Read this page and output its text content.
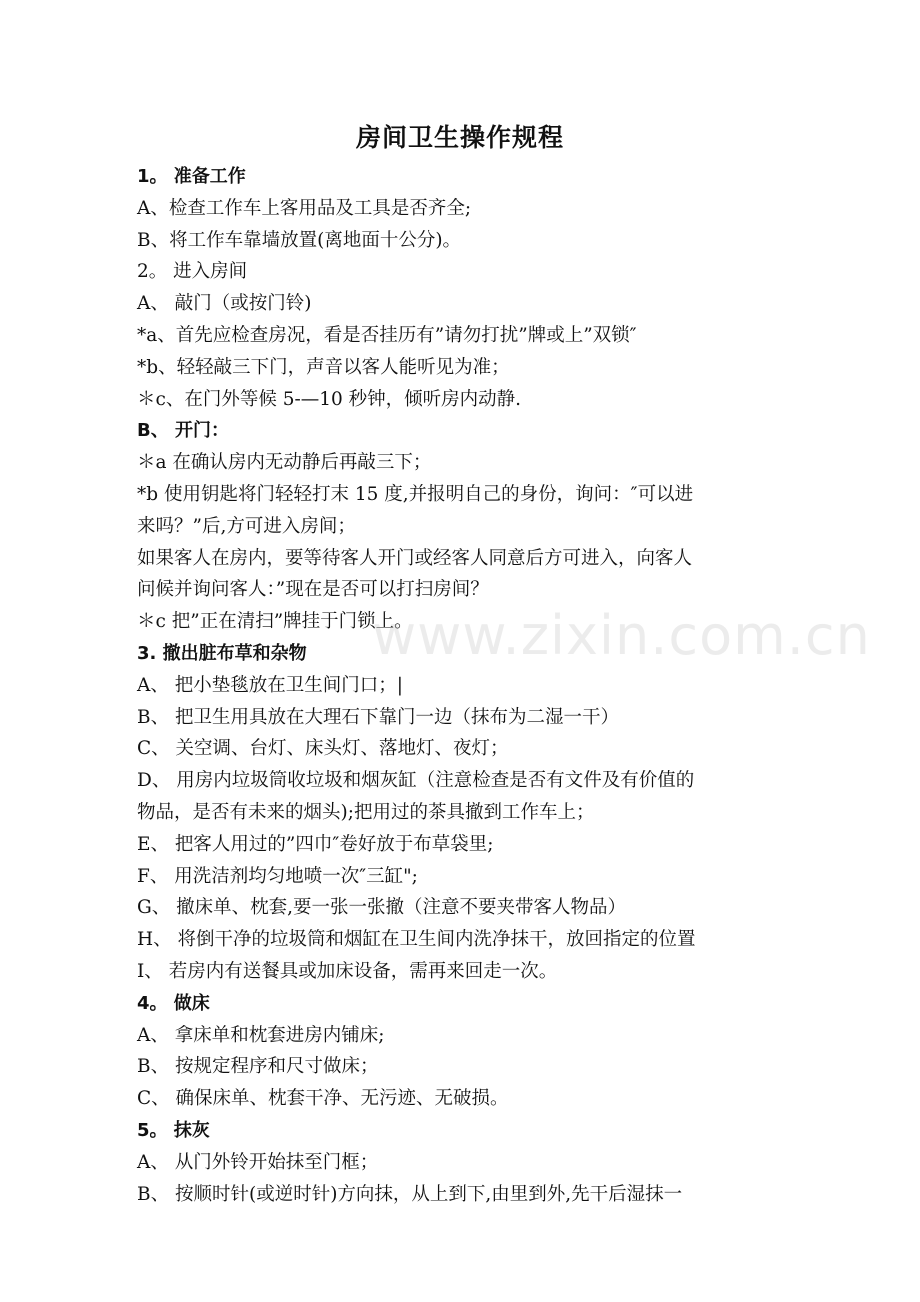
房间卫生操作规程
1。 准备工作
A、检查工作车上客用品及工具是否齐全;
B、将工作车靠墙放置(离地面十公分)。
2。 进入房间
A、 敲门（或按门铃)
*a、首先应检查房况，看是否挂历有”请勿打扰”牌或上”双锁″
*b、轻轻敲三下门，声音以客人能听见为准；
＊c、在门外等候 5-—10 秒钟，倾听房内动静.
B、 开门：
＊a 在确认房内无动静后再敲三下；
*b 使用钥匙将门轻轻打末 15 度,并报明自己的身份，询问：″可以进
来吗？”后,方可进入房间；
如果客人在房内，要等待客人开门或经客人同意后方可进入，向客人
问候并询问客人：”现在是否可以打扫房间？
＊c 把”正在清扫”牌挂于门锁上。
3. 撤出脏布草和杂物
A、 把小垫毯放在卫生间门口；|
B、 把卫生用具放在大理石下靠门一边（抹布为二湿一干）
C、 关空调、台灯、床头灯、落地灯、夜灯；
D、 用房内垃圾筒收垃圾和烟灰缸（注意检查是否有文件及有价值的
物品，是否有未来的烟头);把用过的茶具撤到工作车上；
E、 把客人用过的”四巾″卷好放于布草袋里;
F、 用洗洁剂均匀地喷一次″三缸";
G、 撤床单、枕套,要一张一张撤（注意不要夹带客人物品）
H、 将倒干净的垃圾筒和烟缸在卫生间内洗净抹干，放回指定的位置
I、 若房内有送餐具或加床设备，需再来回走一次。
4。 做床
A、 拿床单和枕套进房内铺床;
B、 按规定程序和尺寸做床；
C、 确保床单、枕套干净、无污迹、无破损。
5。 抹灰
A、 从门外铃开始抹至门框；
B、 按顺时针(或逆时针)方向抹，从上到下,由里到外,先干后湿抹一
www.zixin.com.cn
